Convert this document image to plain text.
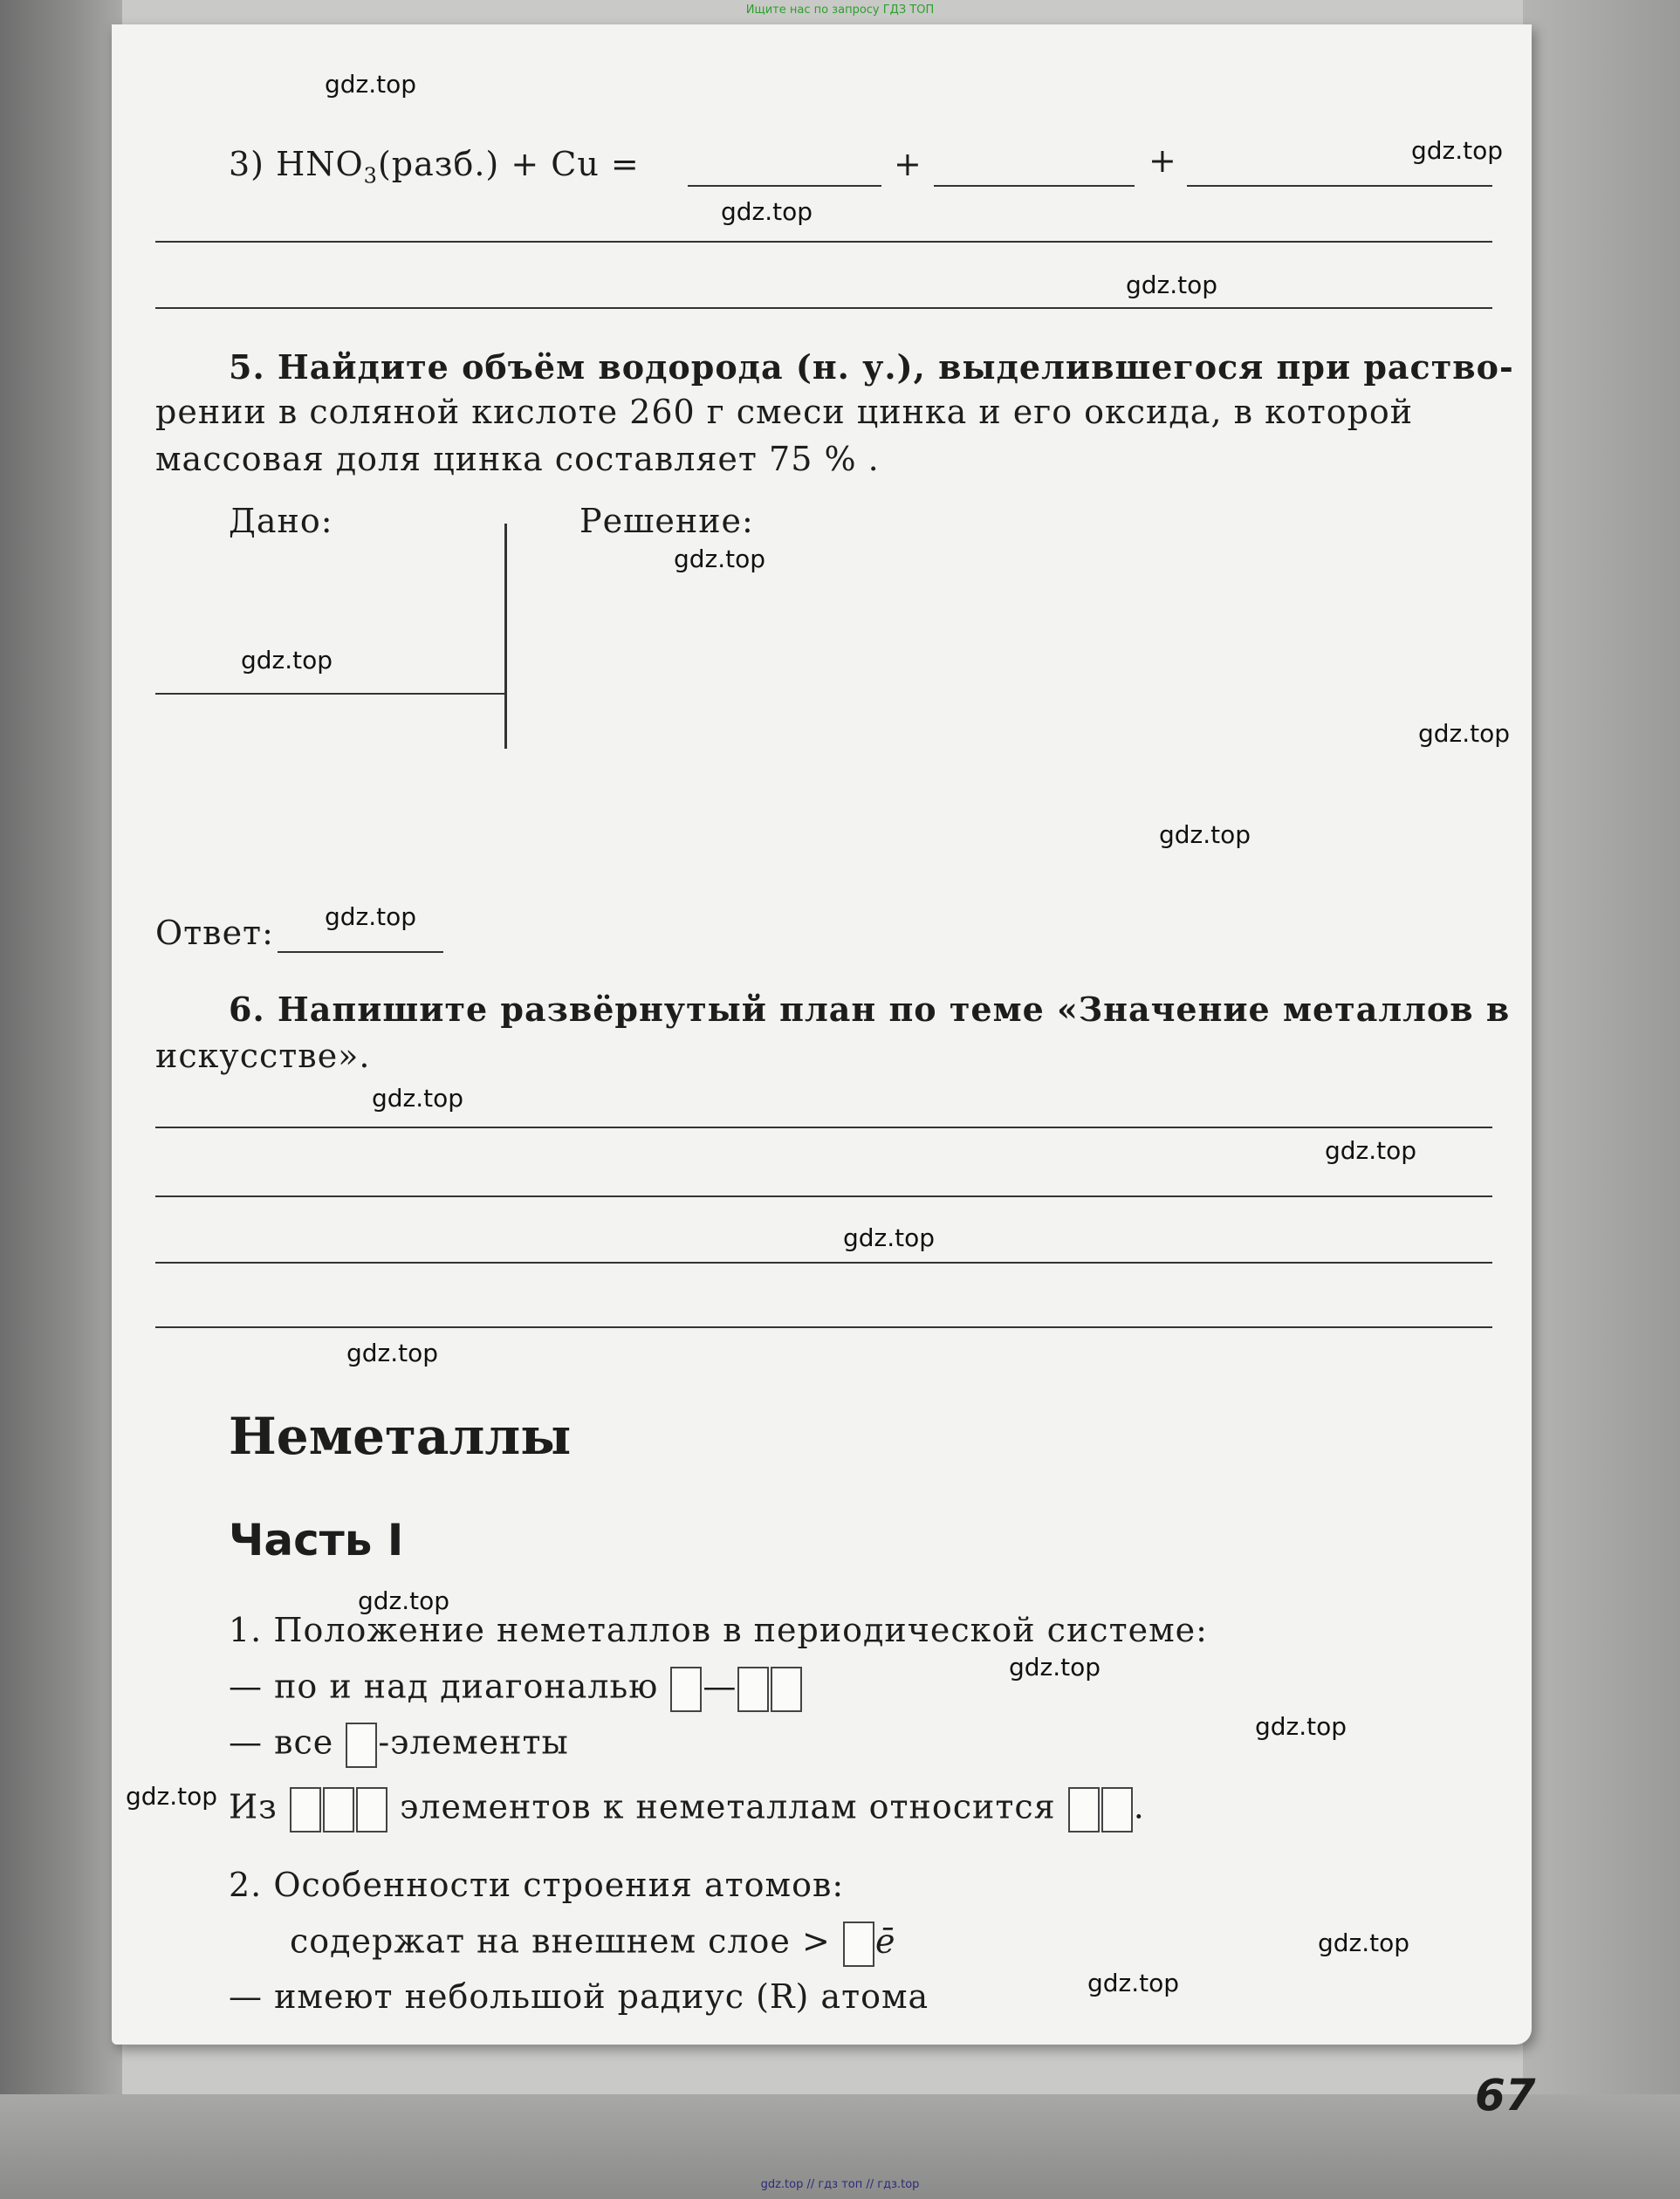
Ищите нас по запросу ГДЗ ТОП
3) $HNO_3(разб.) + Cu$ =	+	+
5. Найдите объём водорода (н. у.), выделившегося при раство-
рении в соляной кислоте 260 г смеси цинка и его оксида, в которой
массовая доля цинка составляет 75 % .
Дано:	Решение:
Ответ:
6. Напишите развёрнутый план по теме «Значение металлов в
искусстве».
Неметаллы
Часть I
1. Положение неметаллов в периодической системе:
— по и над диагональю —
— все -элементы
Из	элементов к неметаллам относится .
2. Особенности строения атомов:
содержат на внешнем слое > ē
— имеют небольшой радиус (R) атома
67
gdz.top
gdz.top
gdz.top
gdz.top
gdz.top
gdz.top
gdz.top
gdz.top
gdz.top
gdz.top
gdz.top
gdz.top
gdz.top
gdz.top
gdz.top
gdz.top
gdz.top
gdz.top
gdz.top
gdz.top // гдз топ // гдз.top
